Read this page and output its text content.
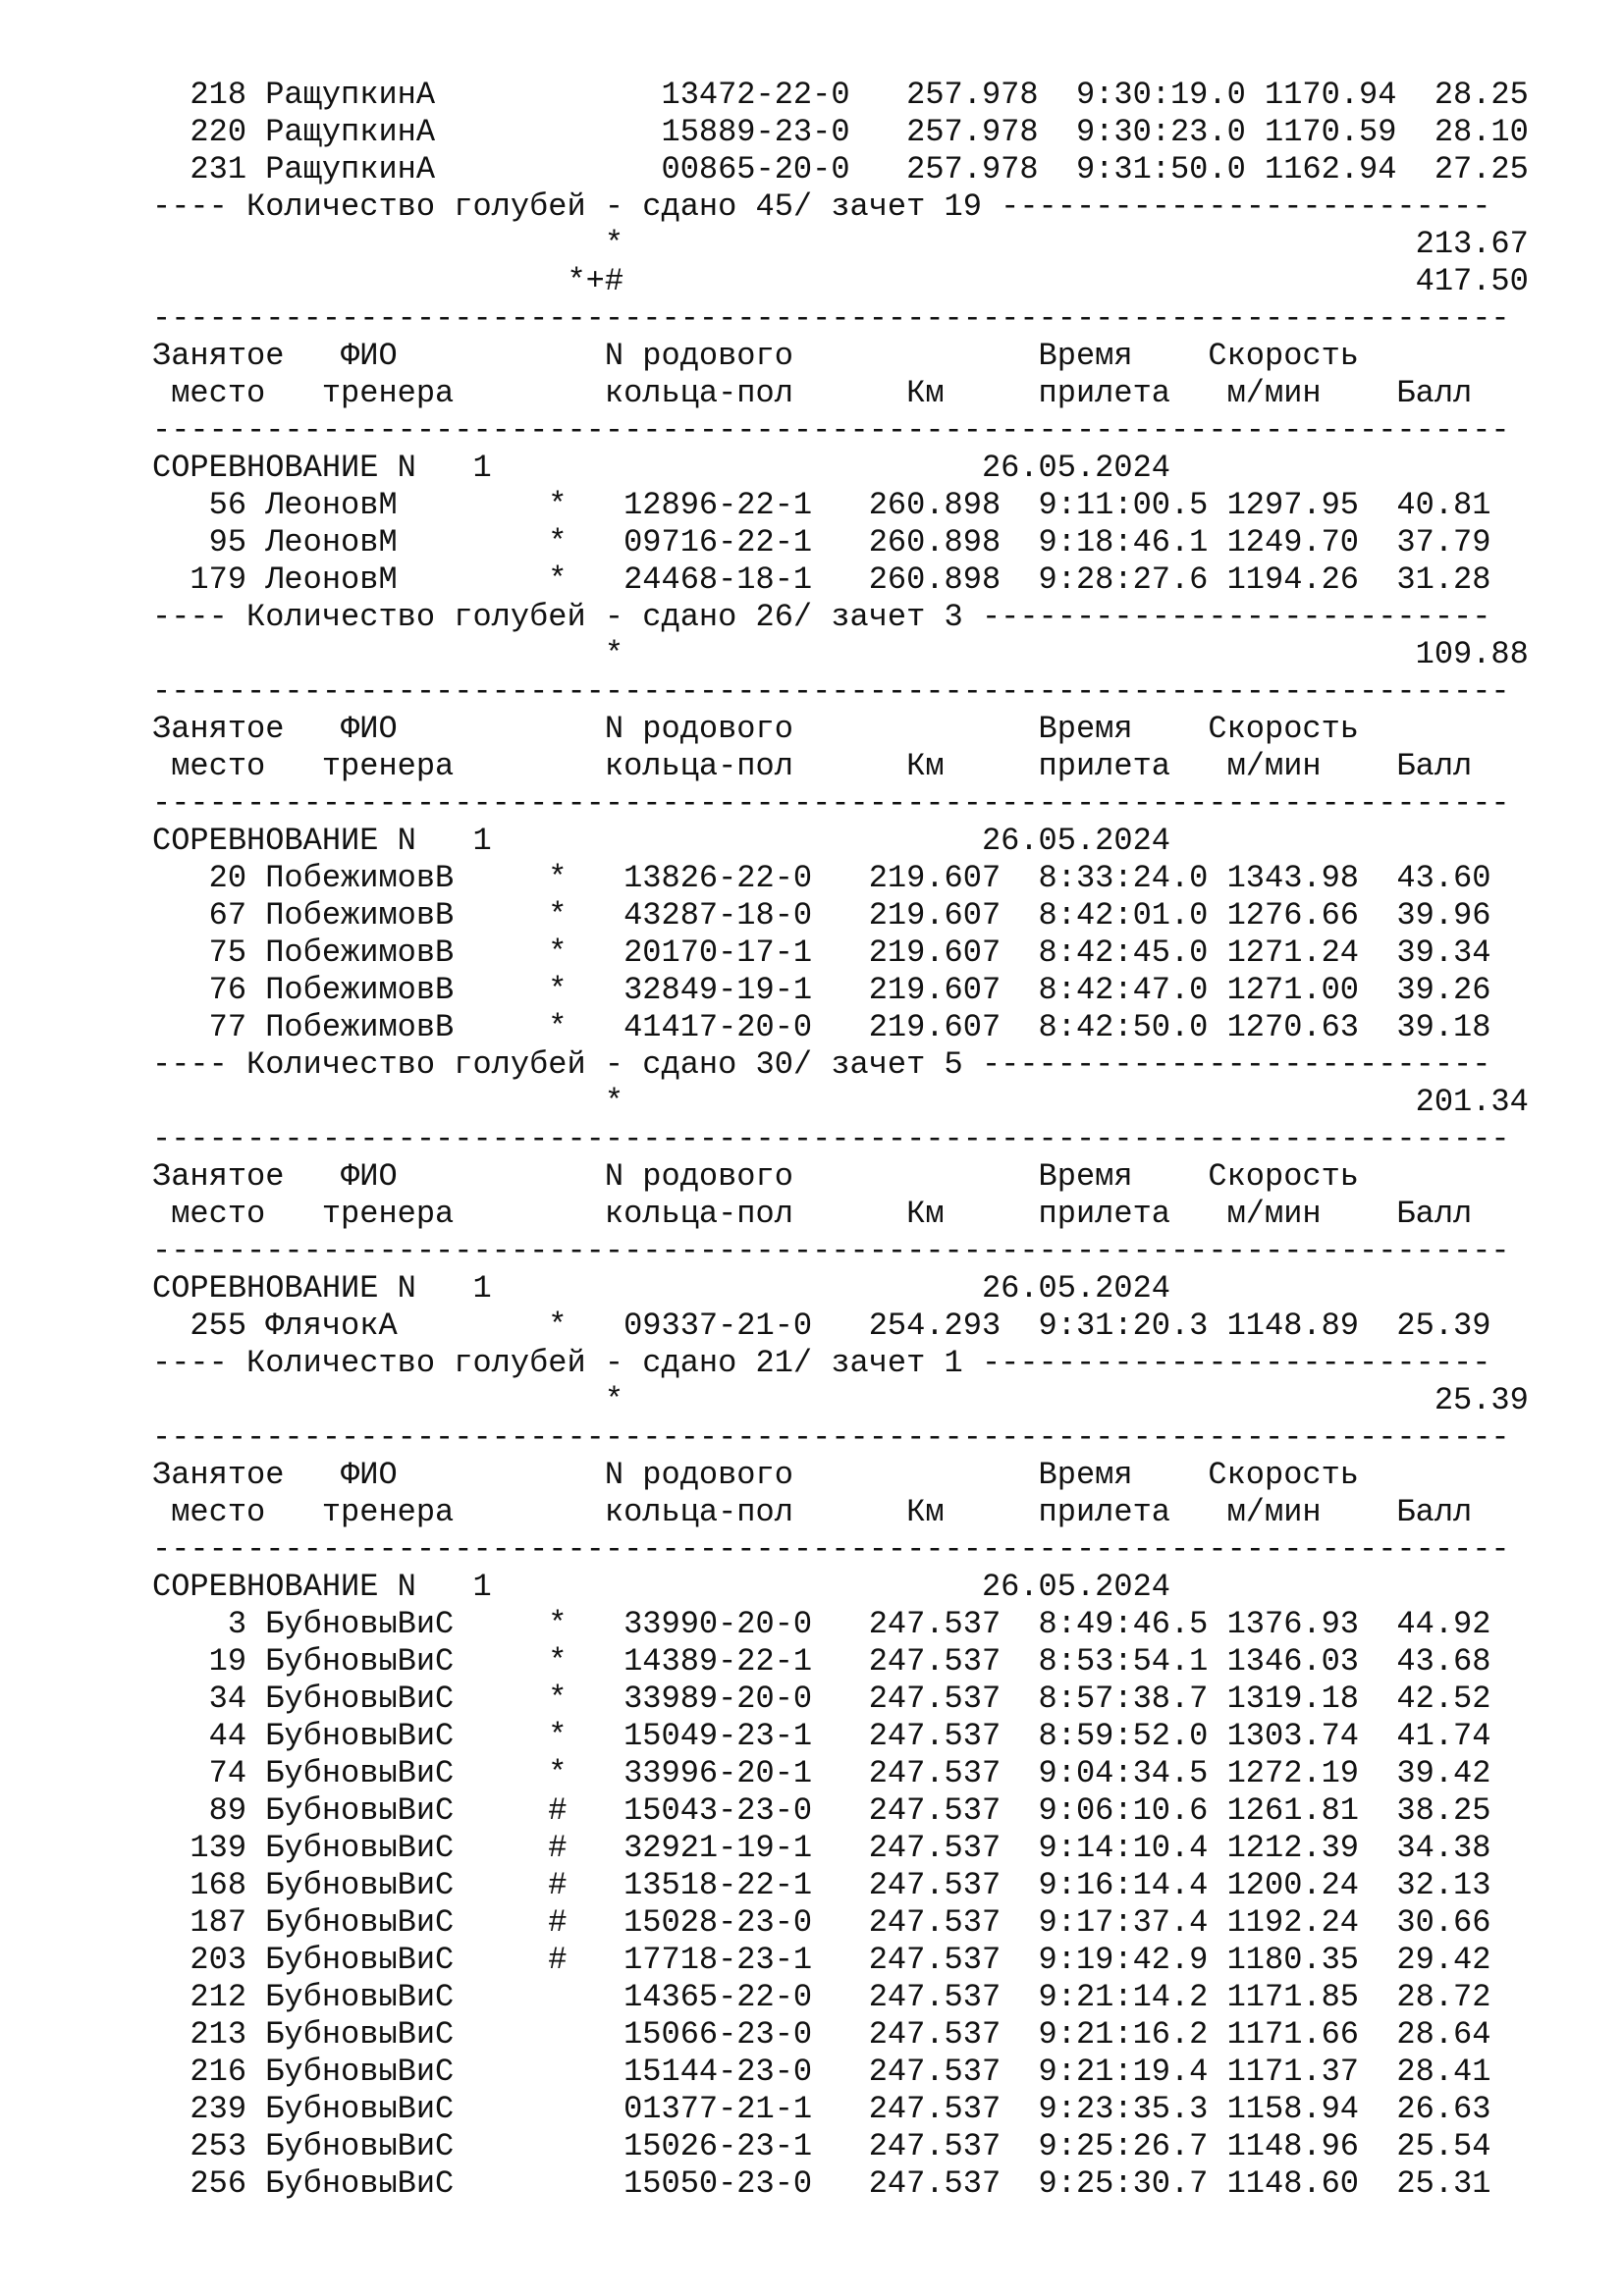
218 РащупкинА            13472-22-0   257.978  9:30:19.0 1170.94  28.25
220 РащупкинА            15889-23-0   257.978  9:30:23.0 1170.59  28.10
231 РащупкинА            00865-20-0   257.978  9:31:50.0 1162.94  27.25
---- Количество голубей - сдано 45/ зачет 19 --------------------------
*                                          213.67
*+#                                          417.50
------------------------------------------------------------------------
Занятое   ФИО           N родового             Время    Скорость
место   тренера        кольца-пол      Км     прилета   м/мин    Балл
------------------------------------------------------------------------
СОРЕВНОВАНИЕ N   1                          26.05.2024
56 ЛеоновМ        *   12896-22-1   260.898  9:11:00.5 1297.95  40.81
95 ЛеоновМ        *   09716-22-1   260.898  9:18:46.1 1249.70  37.79
179 ЛеоновМ        *   24468-18-1   260.898  9:28:27.6 1194.26  31.28
---- Количество голубей - сдано 26/ зачет 3 ---------------------------
*                                          109.88
------------------------------------------------------------------------
Занятое   ФИО           N родового             Время    Скорость
место   тренера        кольца-пол      Км     прилета   м/мин    Балл
------------------------------------------------------------------------
СОРЕВНОВАНИЕ N   1                          26.05.2024
20 ПобежимовВ     *   13826-22-0   219.607  8:33:24.0 1343.98  43.60
67 ПобежимовВ     *   43287-18-0   219.607  8:42:01.0 1276.66  39.96
75 ПобежимовВ     *   20170-17-1   219.607  8:42:45.0 1271.24  39.34
76 ПобежимовВ     *   32849-19-1   219.607  8:42:47.0 1271.00  39.26
77 ПобежимовВ     *   41417-20-0   219.607  8:42:50.0 1270.63  39.18
---- Количество голубей - сдано 30/ зачет 5 ---------------------------
*                                          201.34
------------------------------------------------------------------------
Занятое   ФИО           N родового             Время    Скорость
место   тренера        кольца-пол      Км     прилета   м/мин    Балл
------------------------------------------------------------------------
СОРЕВНОВАНИЕ N   1                          26.05.2024
255 ФлячокА        *   09337-21-0   254.293  9:31:20.3 1148.89  25.39
---- Количество голубей - сдано 21/ зачет 1 ---------------------------
*                                           25.39
------------------------------------------------------------------------
Занятое   ФИО           N родового             Время    Скорость
место   тренера        кольца-пол      Км     прилета   м/мин    Балл
------------------------------------------------------------------------
СОРЕВНОВАНИЕ N   1                          26.05.2024
3 БубновыВиС     *   33990-20-0   247.537  8:49:46.5 1376.93  44.92
19 БубновыВиС     *   14389-22-1   247.537  8:53:54.1 1346.03  43.68
34 БубновыВиС     *   33989-20-0   247.537  8:57:38.7 1319.18  42.52
44 БубновыВиС     *   15049-23-1   247.537  8:59:52.0 1303.74  41.74
74 БубновыВиС     *   33996-20-1   247.537  9:04:34.5 1272.19  39.42
89 БубновыВиС     #   15043-23-0   247.537  9:06:10.6 1261.81  38.25
139 БубновыВиС     #   32921-19-1   247.537  9:14:10.4 1212.39  34.38
168 БубновыВиС     #   13518-22-1   247.537  9:16:14.4 1200.24  32.13
187 БубновыВиС     #   15028-23-0   247.537  9:17:37.4 1192.24  30.66
203 БубновыВиС     #   17718-23-1   247.537  9:19:42.9 1180.35  29.42
212 БубновыВиС         14365-22-0   247.537  9:21:14.2 1171.85  28.72
213 БубновыВиС         15066-23-0   247.537  9:21:16.2 1171.66  28.64
216 БубновыВиС         15144-23-0   247.537  9:21:19.4 1171.37  28.41
239 БубновыВиС         01377-21-1   247.537  9:23:35.3 1158.94  26.63
253 БубновыВиС         15026-23-1   247.537  9:25:26.7 1148.96  25.54
256 БубновыВиС         15050-23-0   247.537  9:25:30.7 1148.60  25.31
